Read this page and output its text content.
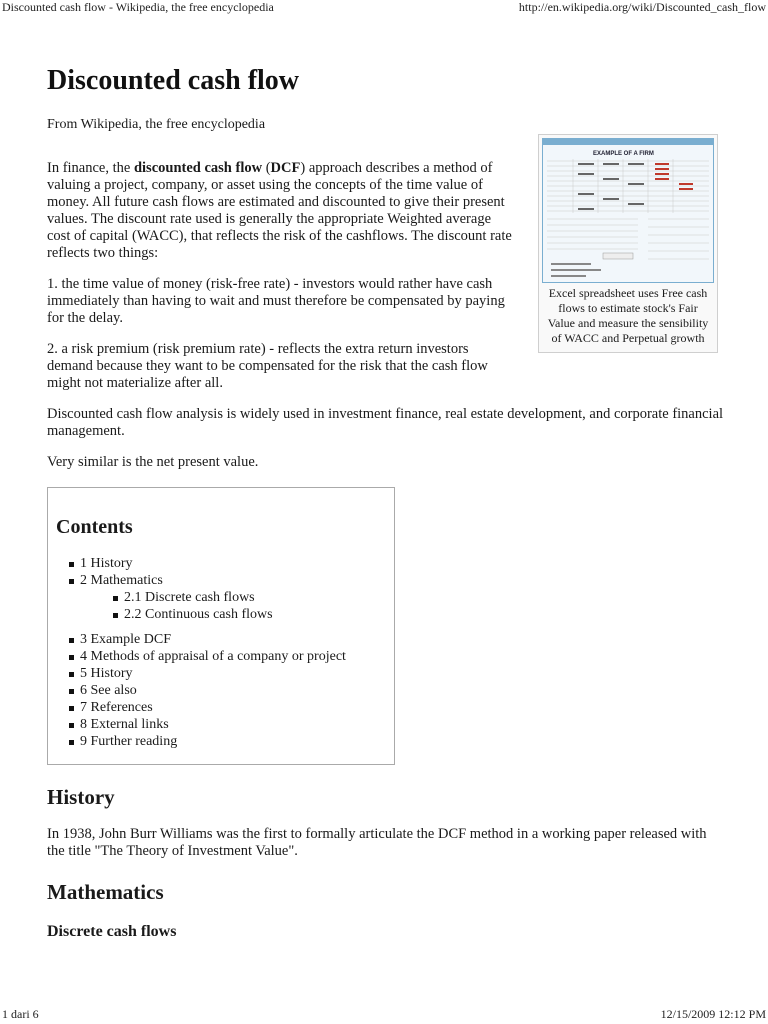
Discounted cash flow - Wikipedia, the free encyclopedia	http://en.wikipedia.org/wiki/Discounted_cash_flow
Discounted cash flow
From Wikipedia, the free encyclopedia
EXAMPLE OF A FIRM
Excel spreadsheet uses Free cash flows to estimate stock's Fair Value and measure the sensibility of WACC and Perpetual growth

In finance, the discounted cash flow (DCF) approach describes a method of valuing a project, company, or asset using the concepts of the time value of money. All future cash flows are estimated and discounted to give their present values. The discount rate used is generally the appropriate Weighted average cost of capital (WACC), that reflects the risk of the cashflows. The discount rate reflects two things:

1. the time value of money (risk-free rate) - investors would rather have cash immediately than having to wait and must therefore be compensated by paying for the delay.

2. a risk premium (risk premium rate) - reflects the extra return investors demand because they want to be compensated for the risk that the cash flow might not materialize after all.

Discounted cash flow analysis is widely used in investment finance, real estate development, and corporate financial management.

Very similar is the net present value.

Contents
1 History
2 Mathematics
2.1 Discrete cash flows
2.2 Continuous cash flows
3 Example DCF
4 Methods of appraisal of a company or project
5 History
6 See also
7 References
8 External links
9 Further reading
History

In 1938, John Burr Williams was the first to formally articulate the DCF method in a working paper released with the title "The Theory of Investment Value".

Mathematics
Discrete cash flows
1 dari 6	12/15/2009 12:12 PM
